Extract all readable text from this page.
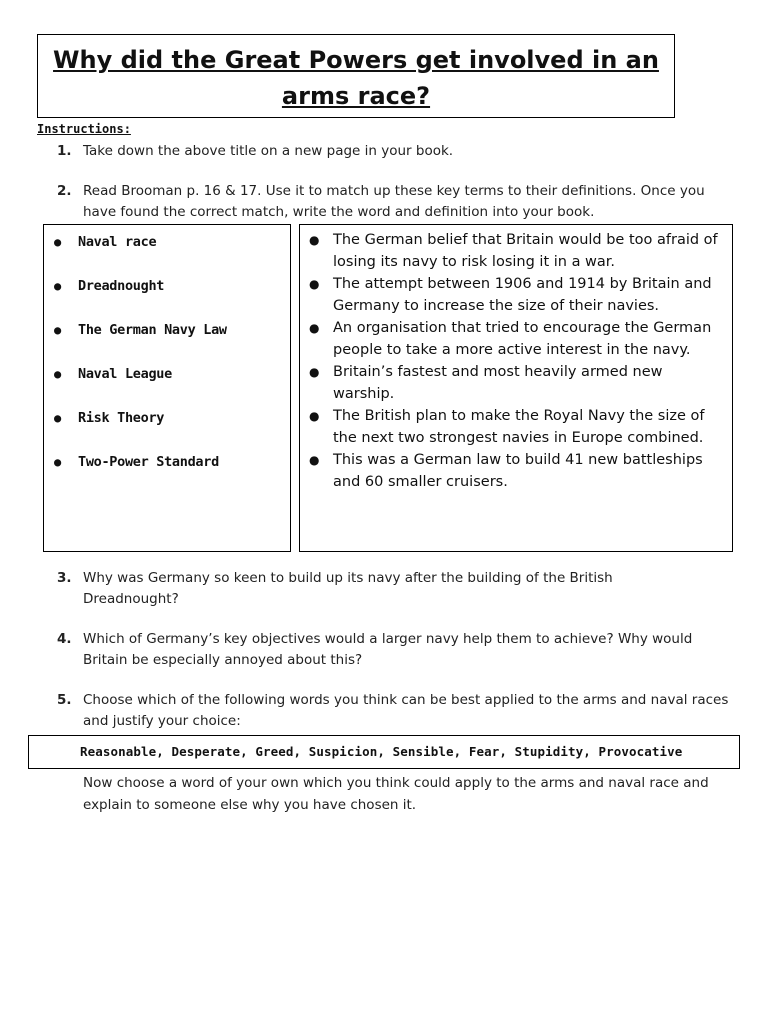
Why did the Great Powers get involved in an arms race?
Instructions:
1. Take down the above title on a new page in your book.
2. Read Brooman p. 16 & 17. Use it to match up these key terms to their definitions. Once you have found the correct match, write the word and definition into your book.
● Naval race
● Dreadnought
● The German Navy Law
● Naval League
● Risk Theory
● Two-Power Standard
● The German belief that Britain would be too afraid of losing its navy to risk losing it in a war.
● The attempt between 1906 and 1914 by Britain and Germany to increase the size of their navies.
● An organisation that tried to encourage the German people to take a more active interest in the navy.
● Britain’s fastest and most heavily armed new warship.
● The British plan to make the Royal Navy the size of the next two strongest navies in Europe combined.
● This was a German law to build 41 new battleships and 60 smaller cruisers.
3. Why was Germany so keen to build up its navy after the building of the British Dreadnought?
4. Which of Germany’s key objectives would a larger navy help them to achieve? Why would Britain be especially annoyed about this?
5. Choose which of the following words you think can be best applied to the arms and naval races and justify your choice:
Reasonable, Desperate, Greed, Suspicion, Sensible, Fear, Stupidity, Provocative
Now choose a word of your own which you think could apply to the arms and naval race and explain to someone else why you have chosen it.
